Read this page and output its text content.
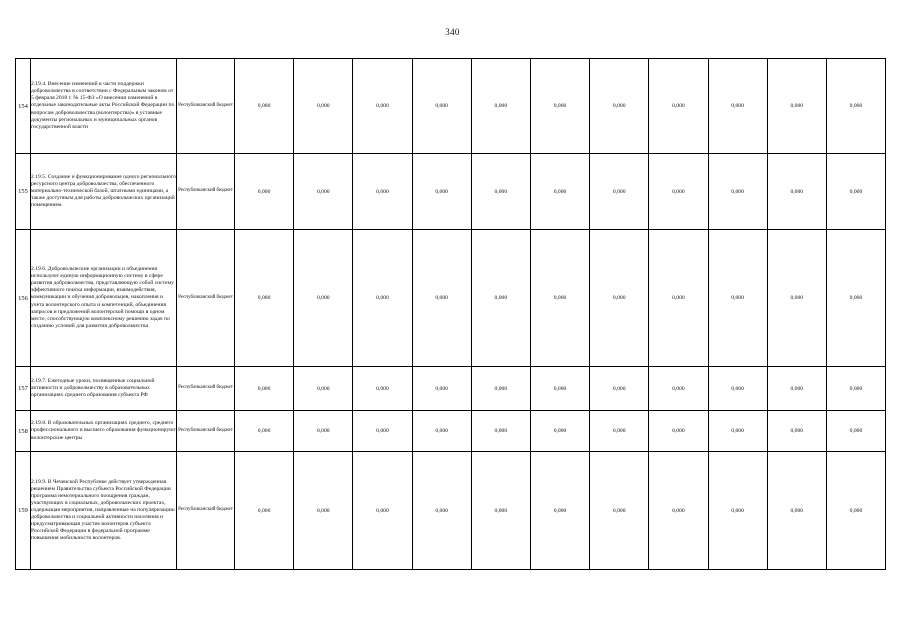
340
154	2.19.4. Внесение изменений в части поддержки добровольчества в соответствии с Федеральным законом от 5 февраля 2018 г. № 15-ФЗ «О внесении изменений в отдельные законодательные акты Российской Федерации по вопросам добровольчества (волонтерства)» в уставные документы региональных и муниципальных органов государственной власти	Республиканский бюджет	0,000	0,000	0,000	0,000	0,000	0,000	0,000	0,000	0,000	0,000	0,000
155	2.19.5. Создание и функционирование одного регионального ресурсного центра добровольчества, обеспеченного материально-технической базой, штатными единицами, а также доступным для работы добровольческих организаций помещением	Республиканский бюджет	0,000	0,000	0,000	0,000	0,000	0,000	0,000	0,000	0,000	0,000	0,000
156	2.19.6. Добровольческие организации и объединения используют единую информационную систему в сфере развития добровольчества, представляющую собой систему эффективного поиска информации, взаимодействия, коммуникации и обучения добровольцев, накопления и учета волонтерского опыта и компетенций, объединения запросов и предложений волонтерской помощи в одном месте, способствующую комплексному решению задач по созданию условий для развития добровольчества	Республиканский бюджет	0,000	0,000	0,000	0,000	0,000	0,000	0,000	0,000	0,000	0,000	0,000
157	2.19.7. Ежегодные уроки, посвященные социальной активности и добровольчеству в образовательных организациях среднего образования субъекта РФ	Республиканский бюджет	0,000	0,000	0,000	0,000	0,000	0,000	0,000	0,000	0,000	0,000	0,000
158	2.19.8. В образовательных организациях среднего, среднего профессионального и высшего образования функционируют волонтерские центры	Республиканский бюджет	0,000	0,000	0,000	0,000	0,000	0,000	0,000	0,000	0,000	0,000	0,000
159	2.19.9. В Чеченской Республике действует утвержденная решением Правительства субъекта Российской Федерации программа немотериального поощрения граждан, участвующих в социальных, добровольческих проектах, содержащая мероприятия, направленные на популяризацию добровольчества и социальной активности населения и предусматривающая участие волонтеров субъекта Российской Федерации в федеральной программе повышения мобильности волонтеров.	Республиканский бюджет	0,000	0,000	0,000	0,000	0,000	0,000	0,000	0,000	0,000	0,000	0,000
